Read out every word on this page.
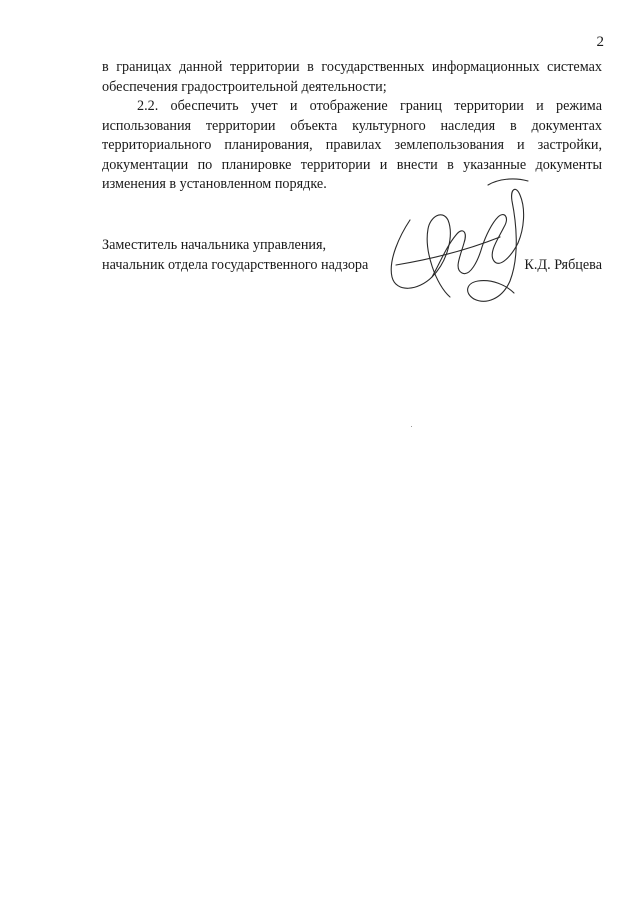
2

в границах данной территории в государственных информационных системах обеспечения градостроительной деятельности;

2.2. обеспечить учет и отображение границ территории и режима использования территории объекта культурного наследия в документах территориального планирования, правилах землепользования и застройки, документации по планировке территории и внести в указанные документы изменения в установленном порядке.

Заместитель начальника управления,
начальник отдела государственного надзора	К.Д. Рябцева
